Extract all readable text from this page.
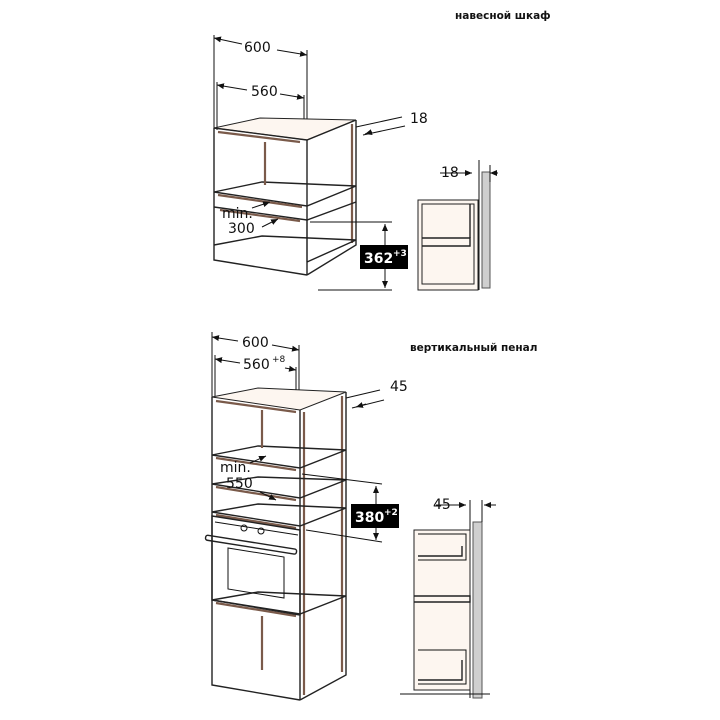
навесной шкаф
600
560
min.
300
362 +3
18
18
вертикальный пенал
600
560 +8
min.
550
380 +2
45
45
